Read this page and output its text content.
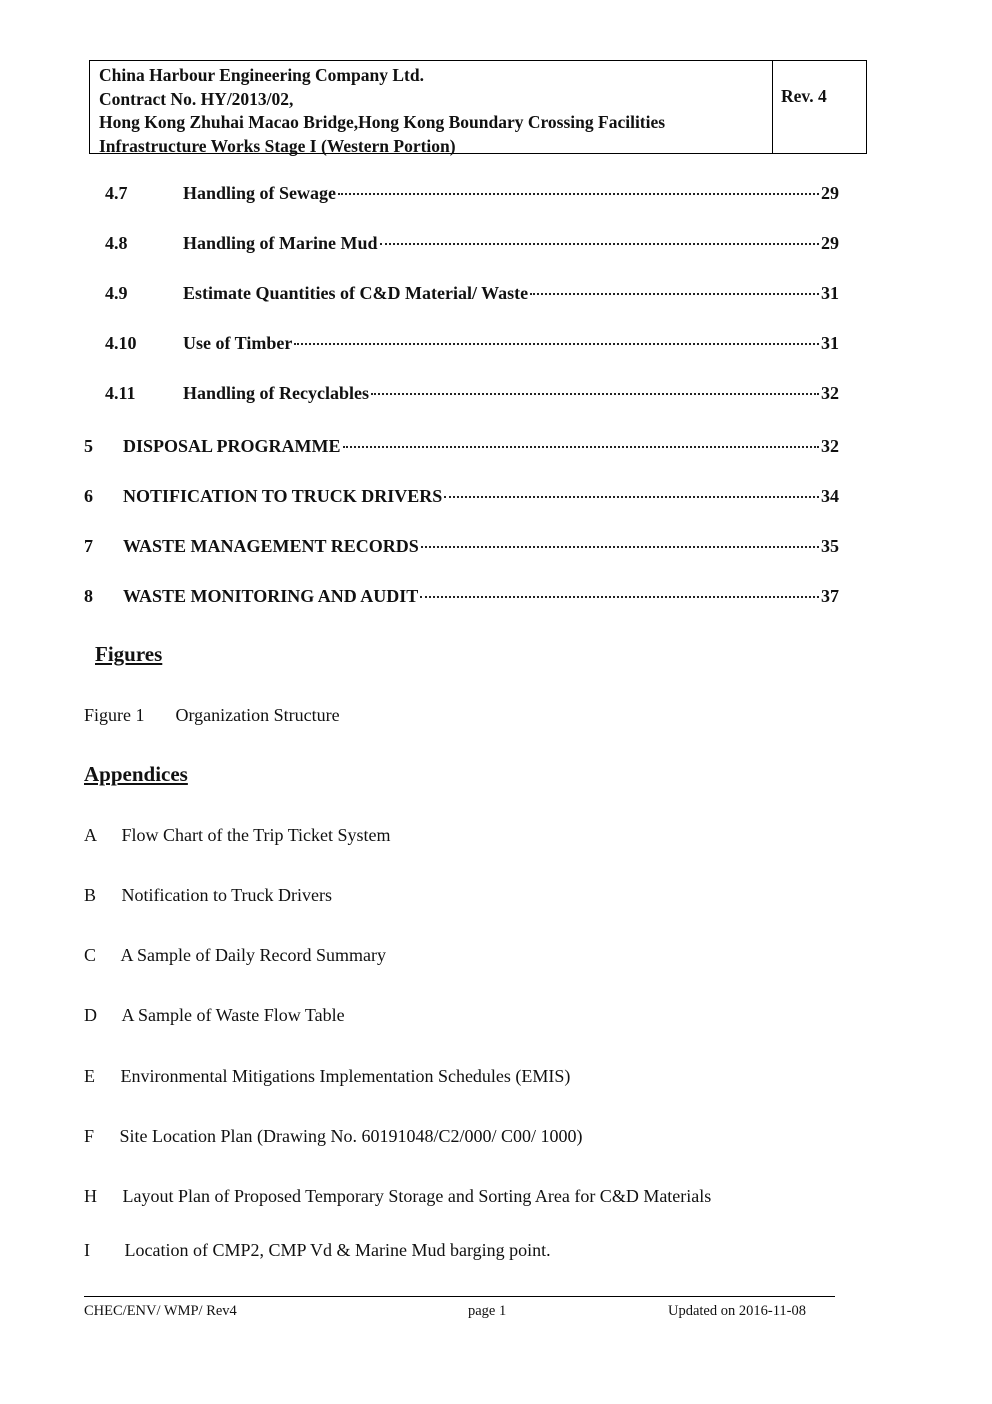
China Harbour Engineering Company Ltd.
Contract No. HY/2013/02,
Hong Kong Zhuhai Macao Bridge,Hong Kong Boundary Crossing Facilities
Infrastructure Works Stage I (Western Portion)
Rev. 4
4.7	Handling of Sewage	29
4.8	Handling of Marine Mud	29
4.9	Estimate Quantities of C&D Material/ Waste	31
4.10	Use of Timber	31
4.11	Handling of Recyclables	32
5	DISPOSAL PROGRAMME	32
6	NOTIFICATION TO TRUCK DRIVERS	34
7	WASTE MANAGEMENT RECORDS	35
8	WASTE MONITORING AND AUDIT	37
Figures
Figure 1 Organization Structure
Appendices
A Flow Chart of the Trip Ticket System
B Notification to Truck Drivers
C A Sample of Daily Record Summary
D A Sample of Waste Flow Table
E Environmental Mitigations Implementation Schedules (EMIS)
F Site Location Plan (Drawing No. 60191048/C2/000/ C00/ 1000)
H Layout Plan of Proposed Temporary Storage and Sorting Area for C&D Materials
I Location of CMP2, CMP Vd & Marine Mud barging point.
CHEC/ENV/ WMP/ Rev4	page 1	Updated on 2016-11-08
